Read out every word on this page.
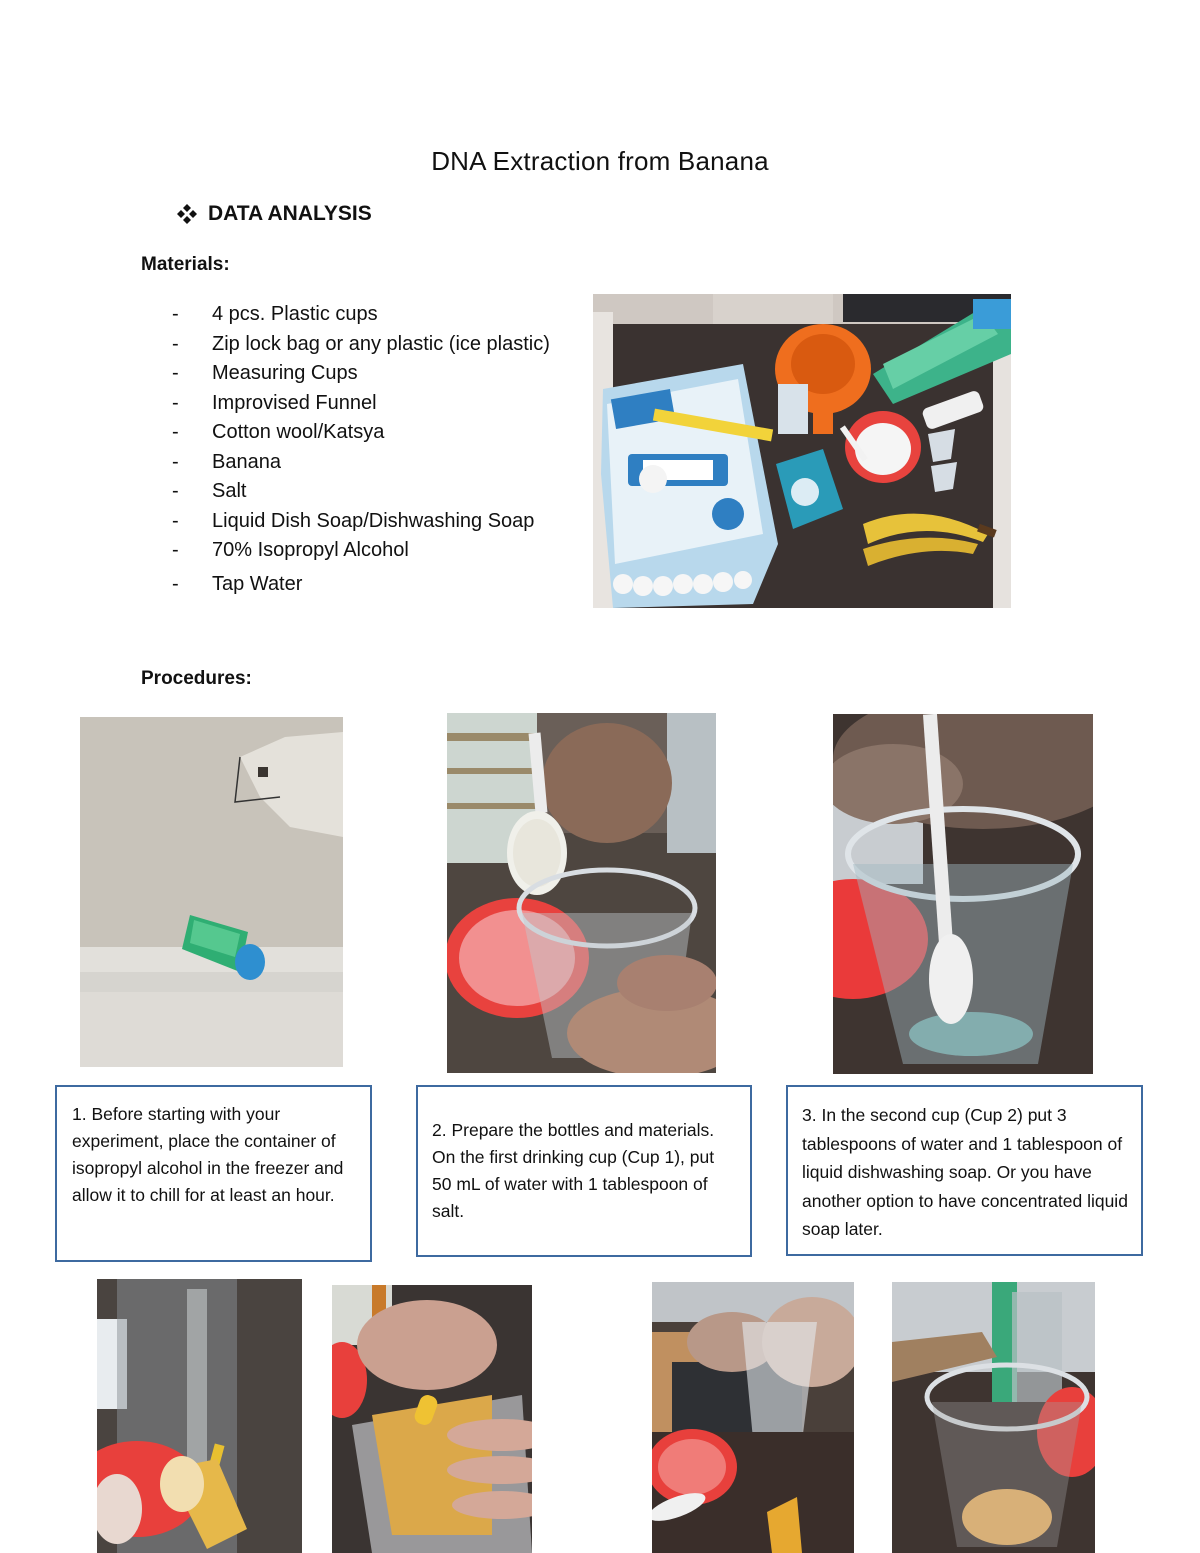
DNA Extraction from Banana
DATA ANALYSIS
Materials:
-	4 pcs. Plastic cups
-	Zip lock bag or any plastic (ice plastic)
-	Measuring Cups
-	Improvised Funnel
-	Cotton wool/Katsya
-	Banana
-	Salt
-	Liquid Dish Soap/Dishwashing Soap
-	70% Isopropyl Alcohol
-	Tap Water
Procedures:

1. Before starting with your experiment, place the container of isopropyl alcohol in the freezer and allow it to chill for at least an hour.

2. Prepare the bottles and materials. On the first drinking cup (Cup 1), put 50 mL of water with 1 tablespoon of salt.

3. In the second cup (Cup 2) put 3 tablespoons of water and 1 tablespoon of liquid dishwashing soap. Or you have another option to have concentrated liquid soap later.
